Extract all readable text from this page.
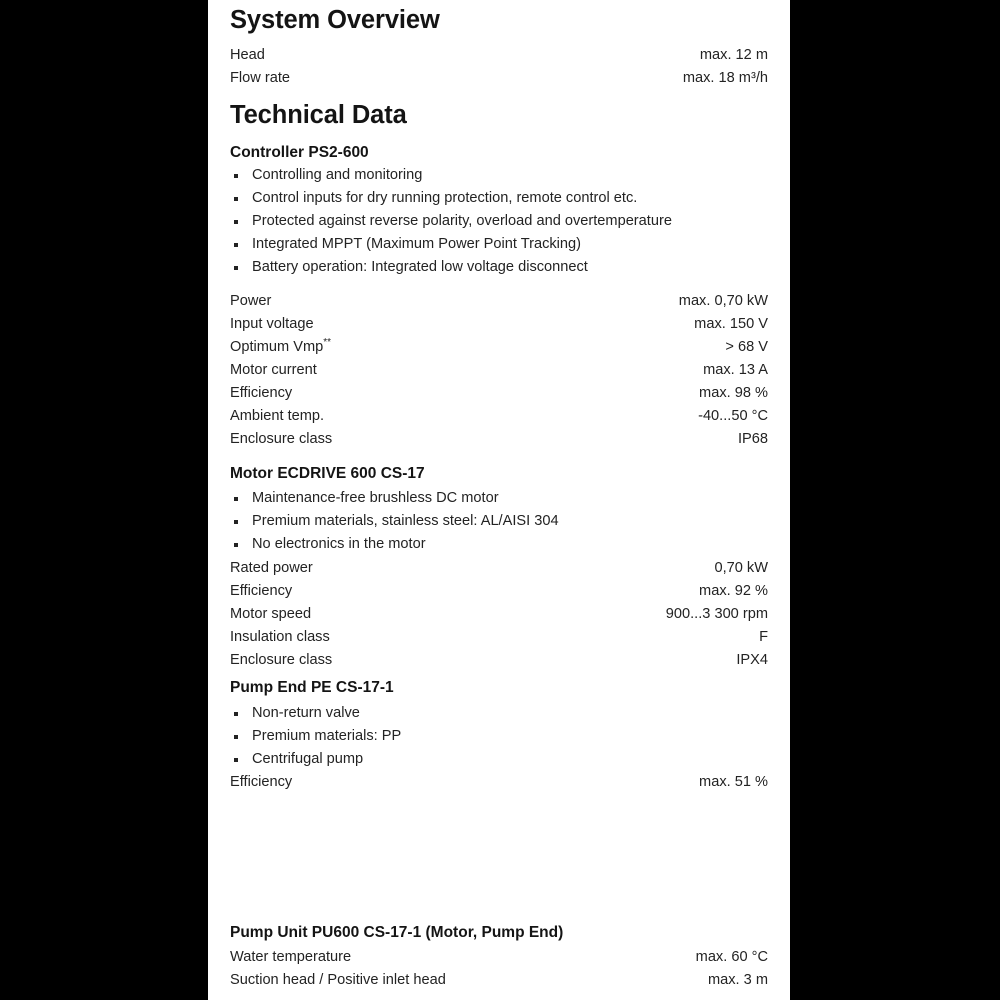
System Overview
Head	max. 12 m
Flow rate	max. 18 m³/h
Technical Data
Controller PS2-600
Controlling and monitoring
Control inputs for dry running protection, remote control etc.
Protected against reverse polarity, overload and overtemperature
Integrated MPPT (Maximum Power Point Tracking)
Battery operation: Integrated low voltage disconnect
Power	max. 0,70 kW
Input voltage	max. 150 V
Optimum Vmp**	> 68 V
Motor current	max. 13 A
Efficiency	max. 98 %
Ambient temp.	-40...50 °C
Enclosure class	IP68
Motor ECDRIVE 600 CS-17
Maintenance-free brushless DC motor
Premium materials, stainless steel: AL/AISI 304
No electronics in the motor
Rated power	0,70 kW
Efficiency	max. 92 %
Motor speed	900...3 300 rpm
Insulation class	F
Enclosure class	IPX4
Pump End PE CS-17-1
Non-return valve
Premium materials: PP
Centrifugal pump
Efficiency	max. 51 %
Pump Unit PU600 CS-17-1 (Motor, Pump End)
Water temperature	max. 60 °C
Suction head / Positive inlet head	max. 3 m
